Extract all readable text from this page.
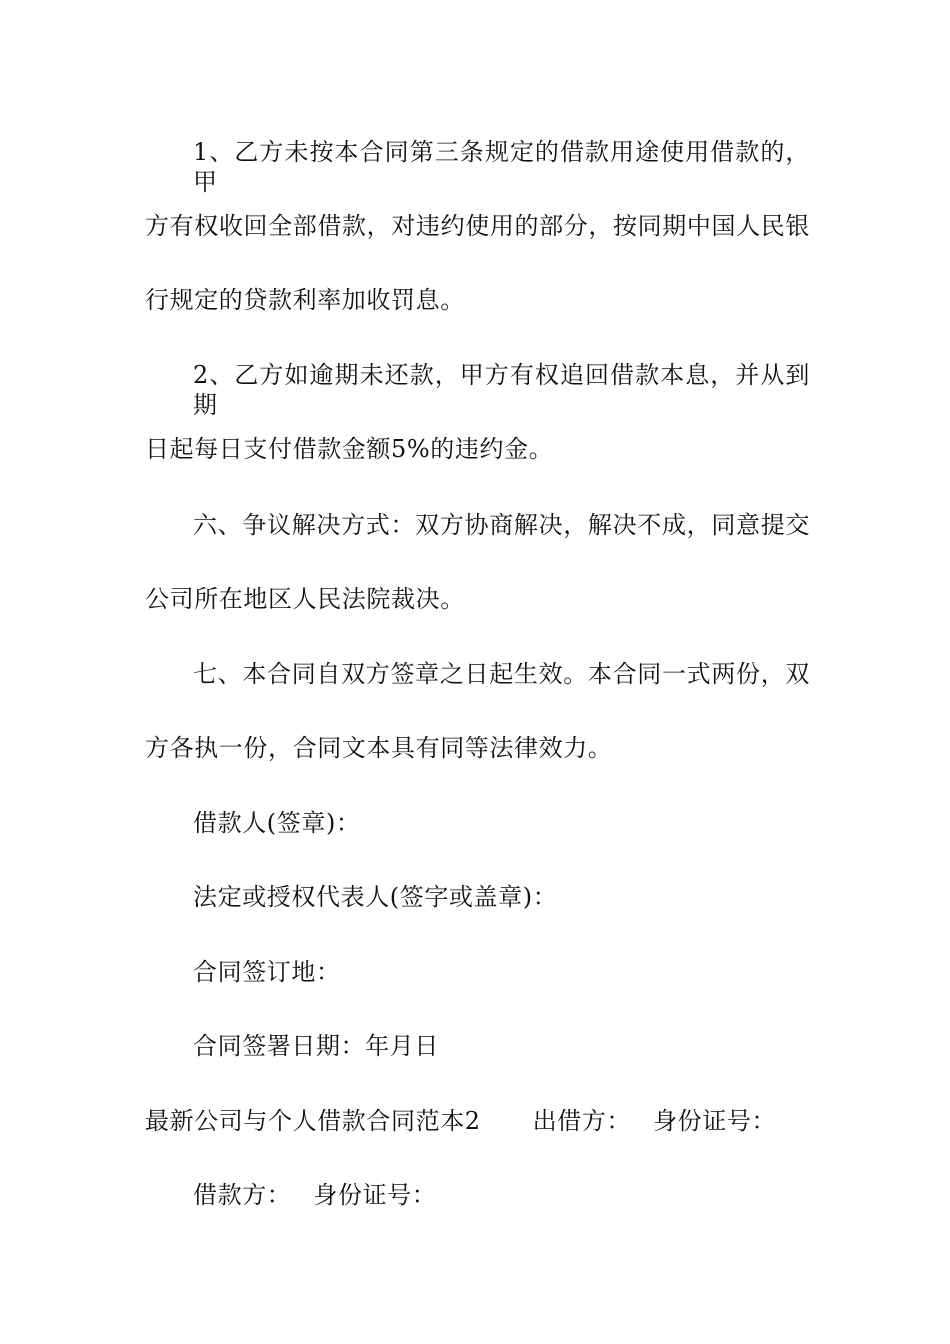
1、乙方未按本合同第三条规定的借款用途使用借款的，甲
方有权收回全部借款，对违约使用的部分，按同期中国人民银
行规定的贷款利率加收罚息。
2、乙方如逾期未还款，甲方有权追回借款本息，并从到期
日起每日支付借款金额5%的违约金。
六、争议解决方式：双方协商解决，解决不成，同意提交
公司所在地区人民法院裁决。
七、本合同自双方签章之日起生效。本合同一式两份，双
方各执一份，合同文本具有同等法律效力。
借款人(签章)：
法定或授权代表人(签字或盖章)：
合同签订地：
合同签署日期：年月日
最新公司与个人借款合同范本2 出借方： 身份证号：
借款方： 身份证号：
